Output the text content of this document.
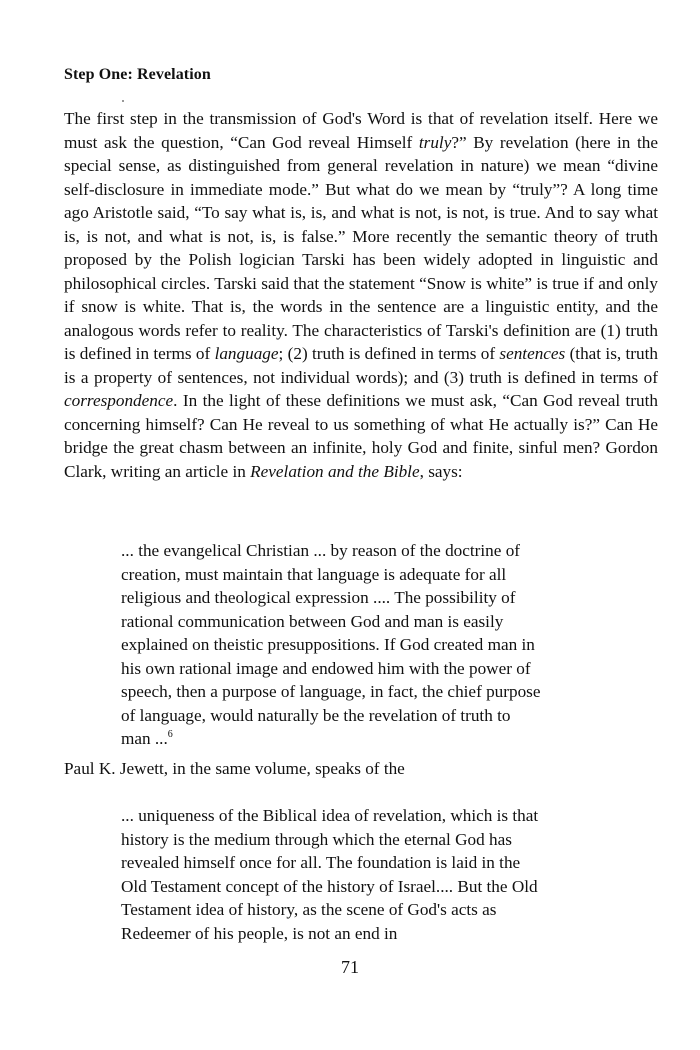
Step One: Revelation
The first step in the transmission of God's Word is that of revelation itself. Here we must ask the question, “Can God reveal Himself truly?” By revelation (here in the special sense, as distinguished from general revelation in nature) we mean “divine self-disclosure in immediate mode.” But what do we mean by “truly”? A long time ago Aristotle said, “To say what is, is, and what is not, is not, is true. And to say what is, is not, and what is not, is, is false.” More recently the semantic theory of truth proposed by the Polish logician Tarski has been widely adopted in linguistic and philosophical circles. Tarski said that the statement “Snow is white” is true if and only if snow is white. That is, the words in the sentence are a linguistic entity, and the analogous words refer to reality. The characteristics of Tarski's definition are (1) truth is defined in terms of language; (2) truth is defined in terms of sentences (that is, truth is a property of sentences, not individual words); and (3) truth is defined in terms of correspondence. In the light of these definitions we must ask, “Can God reveal truth concerning himself? Can He reveal to us something of what He actually is?” Can He bridge the great chasm between an infinite, holy God and finite, sinful men? Gordon Clark, writing an article in Revelation and the Bible, says:
... the evangelical Christian ... by reason of the doctrine of creation, must maintain that language is adequate for all religious and theological expression .... The possibility of rational communication between God and man is easily explained on theistic presuppositions. If God created man in his own rational image and endowed him with the power of speech, then a purpose of language, in fact, the chief purpose of language, would naturally be the revelation of truth to man ...$^6$
Paul K. Jewett, in the same volume, speaks of the
... uniqueness of the Biblical idea of revelation, which is that history is the medium through which the eternal God has revealed himself once for all. The foundation is laid in the Old Testament concept of the history of Israel.... But the Old Testament idea of history, as the scene of God's acts as Redeemer of his people, is not an end in
71
